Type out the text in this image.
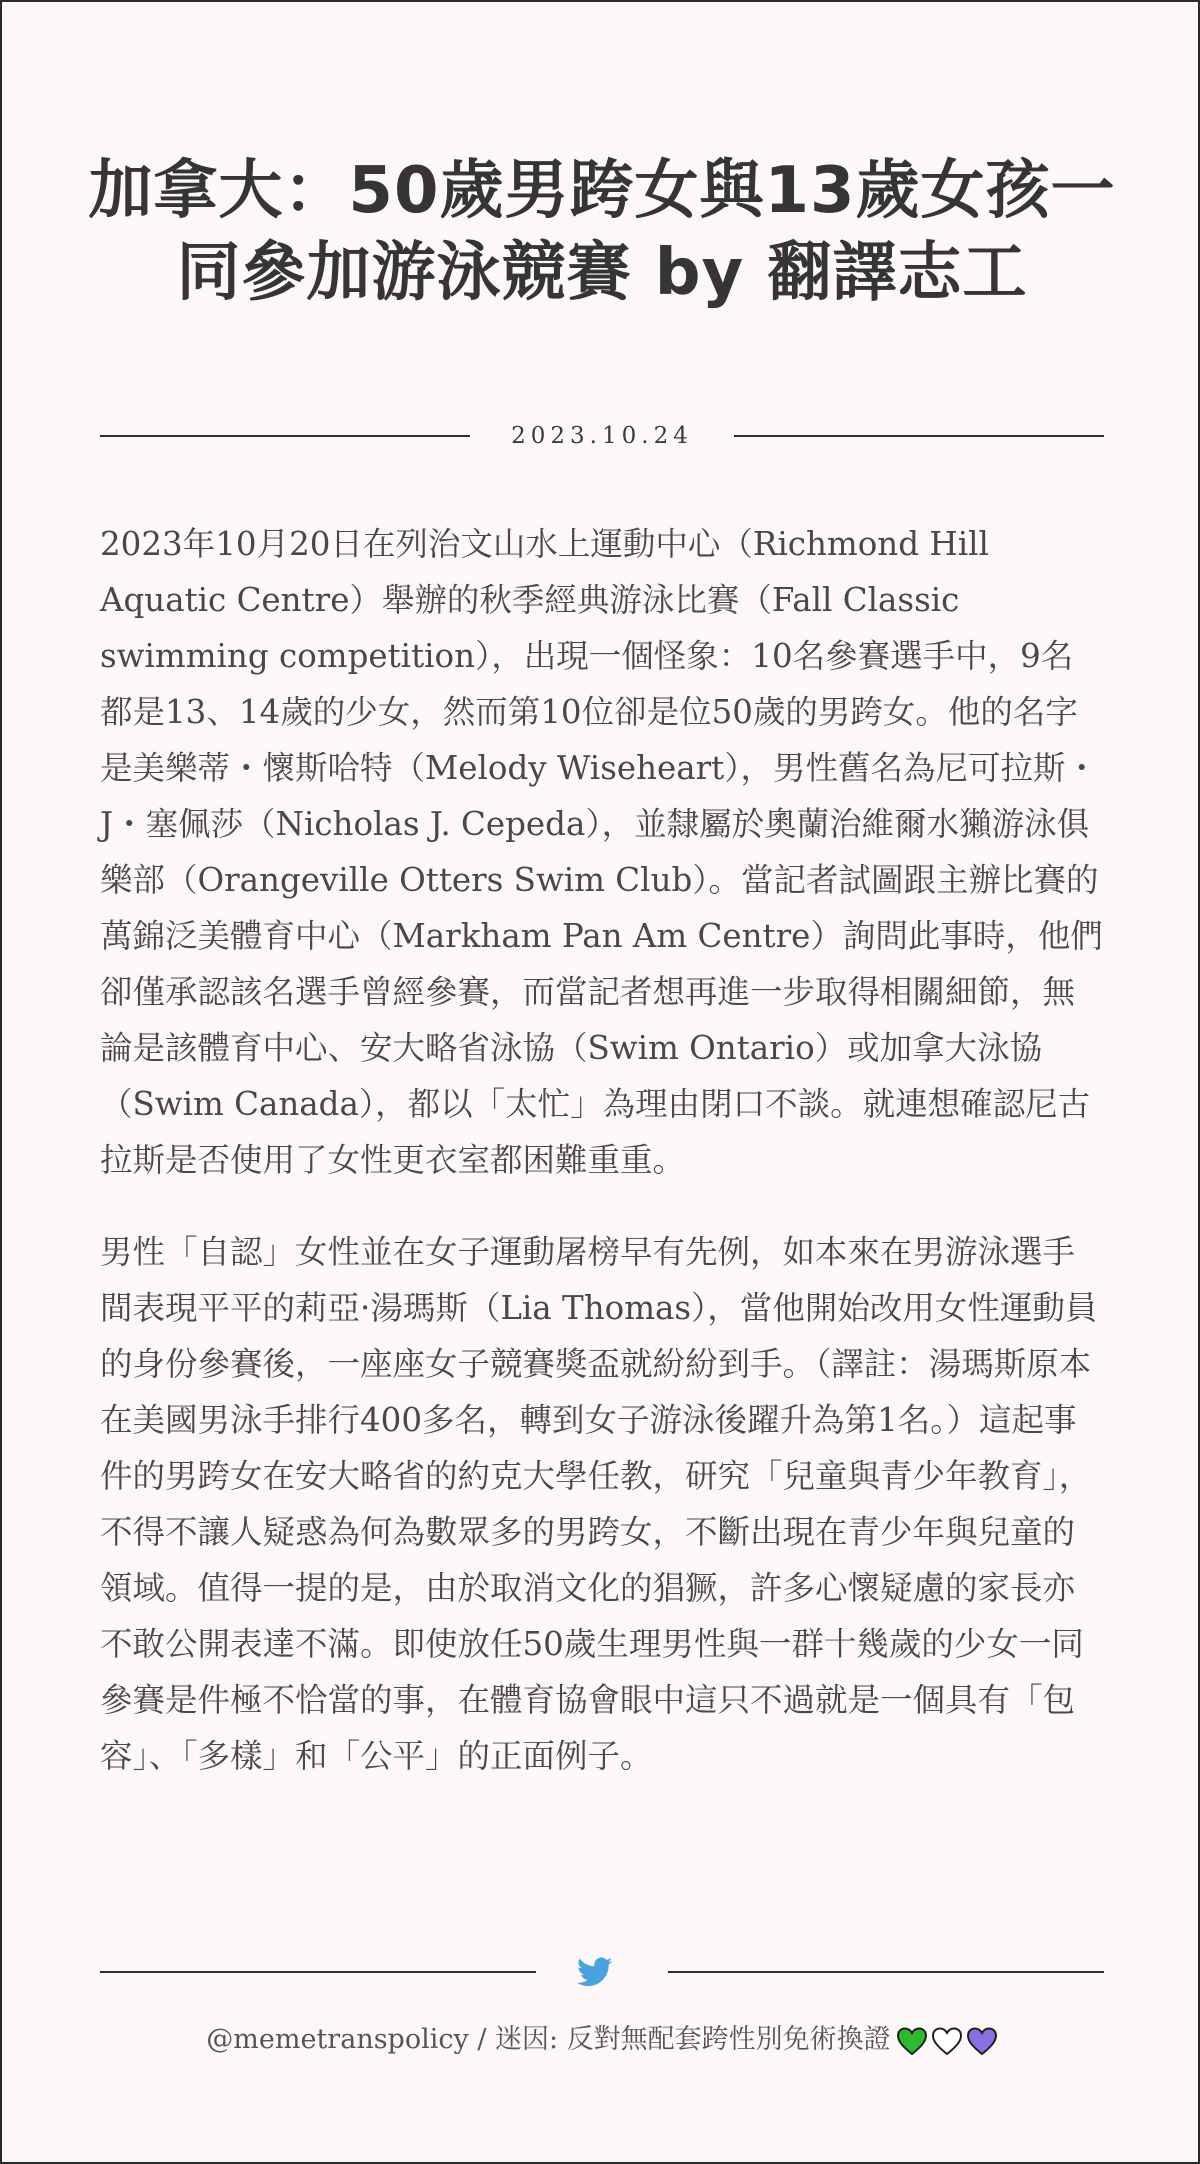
加拿大：50歲男跨女與13歲女孩一同參加游泳競賽 by 翻譯志工
2023.10.24

2023年10月20日在列治文山水上運動中心（Richmond Hill Aquatic Centre）舉辦的秋季經典游泳比賽（Fall Classic swimming competition），出現一個怪象：10名參賽選手中，9名都是13、14歲的少女，然而第10位卻是位50歲的男跨女。他的名字是美樂蒂・懷斯哈特（Melody Wiseheart），男性舊名為尼可拉斯・J・塞佩莎（Nicholas J. Cepeda），並隸屬於奧蘭治維爾水獺游泳俱樂部（Orangeville Otters Swim Club）。當記者試圖跟主辦比賽的萬錦泛美體育中心（Markham Pan Am Centre）詢問此事時，他們卻僅承認該名選手曾經參賽，而當記者想再進一步取得相關細節，無論是該體育中心、安大略省泳協（Swim Ontario）或加拿大泳協（Swim Canada），都以「太忙」為理由閉口不談。就連想確認尼古拉斯是否使用了女性更衣室都困難重重。

男性「自認」女性並在女子運動屠榜早有先例，如本來在男游泳選手間表現平平的莉亞·湯瑪斯（Lia Thomas），當他開始改用女性運動員的身份參賽後，一座座女子競賽獎盃就紛紛到手。（譯註：湯瑪斯原本在美國男泳手排行400多名，轉到女子游泳後躍升為第1名。）這起事件的男跨女在安大略省的約克大學任教，研究「兒童與青少年教育」，不得不讓人疑惑為何為數眾多的男跨女，不斷出現在青少年與兒童的領域。值得一提的是，由於取消文化的猖獗，許多心懷疑慮的家長亦不敢公開表達不滿。即使放任50歲生理男性與一群十幾歲的少女一同參賽是件極不恰當的事，在體育協會眼中這只不過就是一個具有「包容」、「多樣」和「公平」的正面例子。

@memetranspolicy / 迷因: 反對無配套跨性別免術換證
